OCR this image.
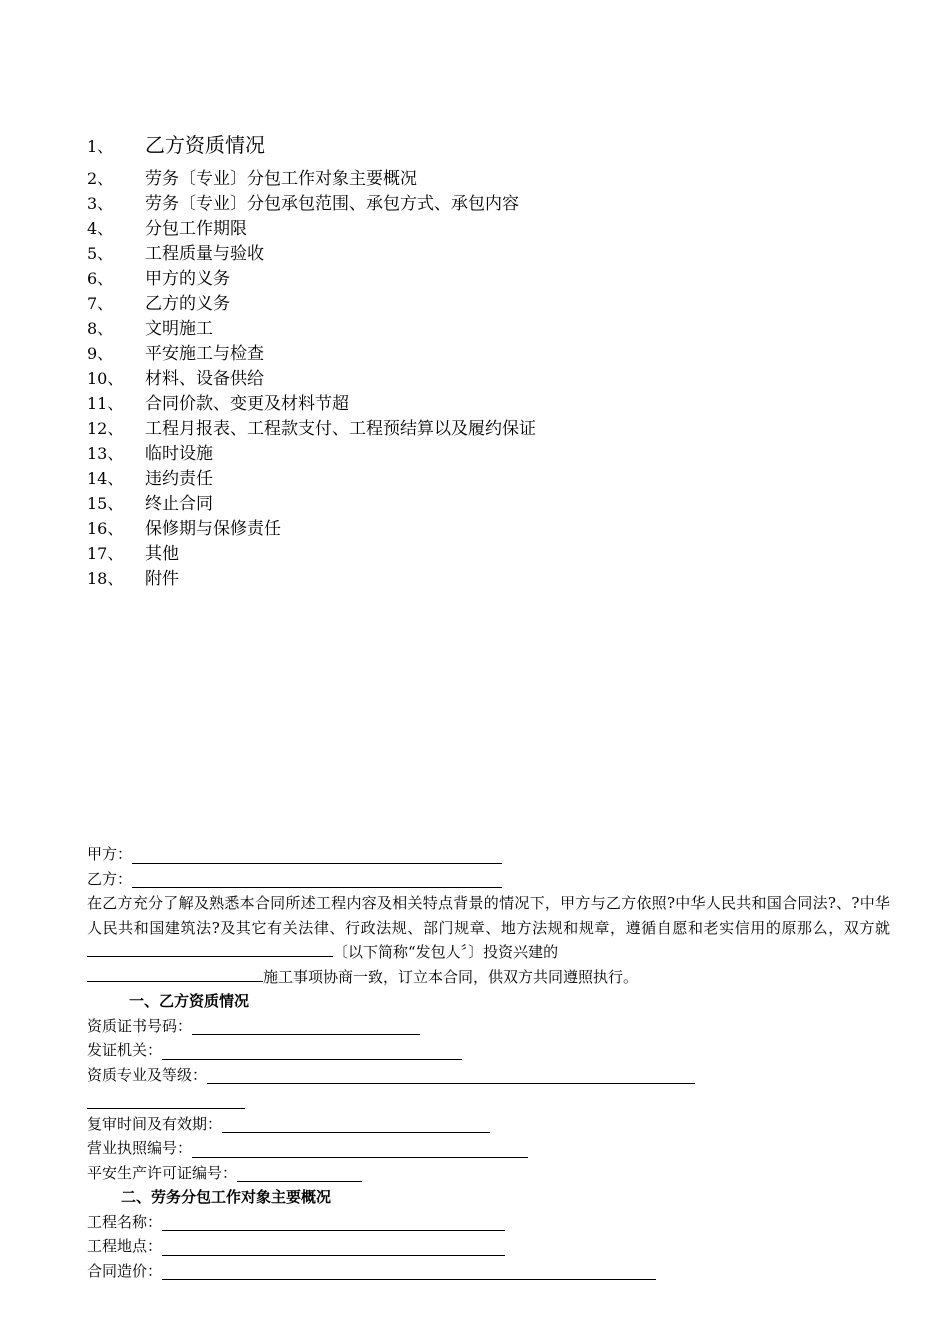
1、	乙方资质情况
2、	劳务〔专业〕分包工作对象主要概况
3、	劳务〔专业〕分包承包范围、承包方式、承包内容
4、	分包工作期限
5、	工程质量与验收
6、	甲方的义务
7、	乙方的义务
8、	文明施工
9、	平安施工与检查
10、	材料、设备供给
11、	合同价款、变更及材料节超
12、	工程月报表、工程款支付、工程预结算以及履约保证
13、	临时设施
14、	违约责任
15、	终止合同
16、	保修期与保修责任
17、	其他
18、	附件
甲方：
乙方：
在乙方充分了解及熟悉本合同所述工程内容及相关特点背景的情况下，甲方与乙方依照?中华人民共和国合同法?、?中华人民共和国建筑法?及其它有关法律、行政法规、部门规章、地方法规和规章，遵循自愿和老实信用的原那么，双方就〔以下简称“发包人〞〕投资兴建的
施工事项协商一致，订立本合同，供双方共同遵照执行。
一、乙方资质情况
资质证书号码：
发证机关：
资质专业及等级：
复审时间及有效期：
营业执照编号：
平安生产许可证编号：
二、劳务分包工作对象主要概况
工程名称：
工程地点：
合同造价：
